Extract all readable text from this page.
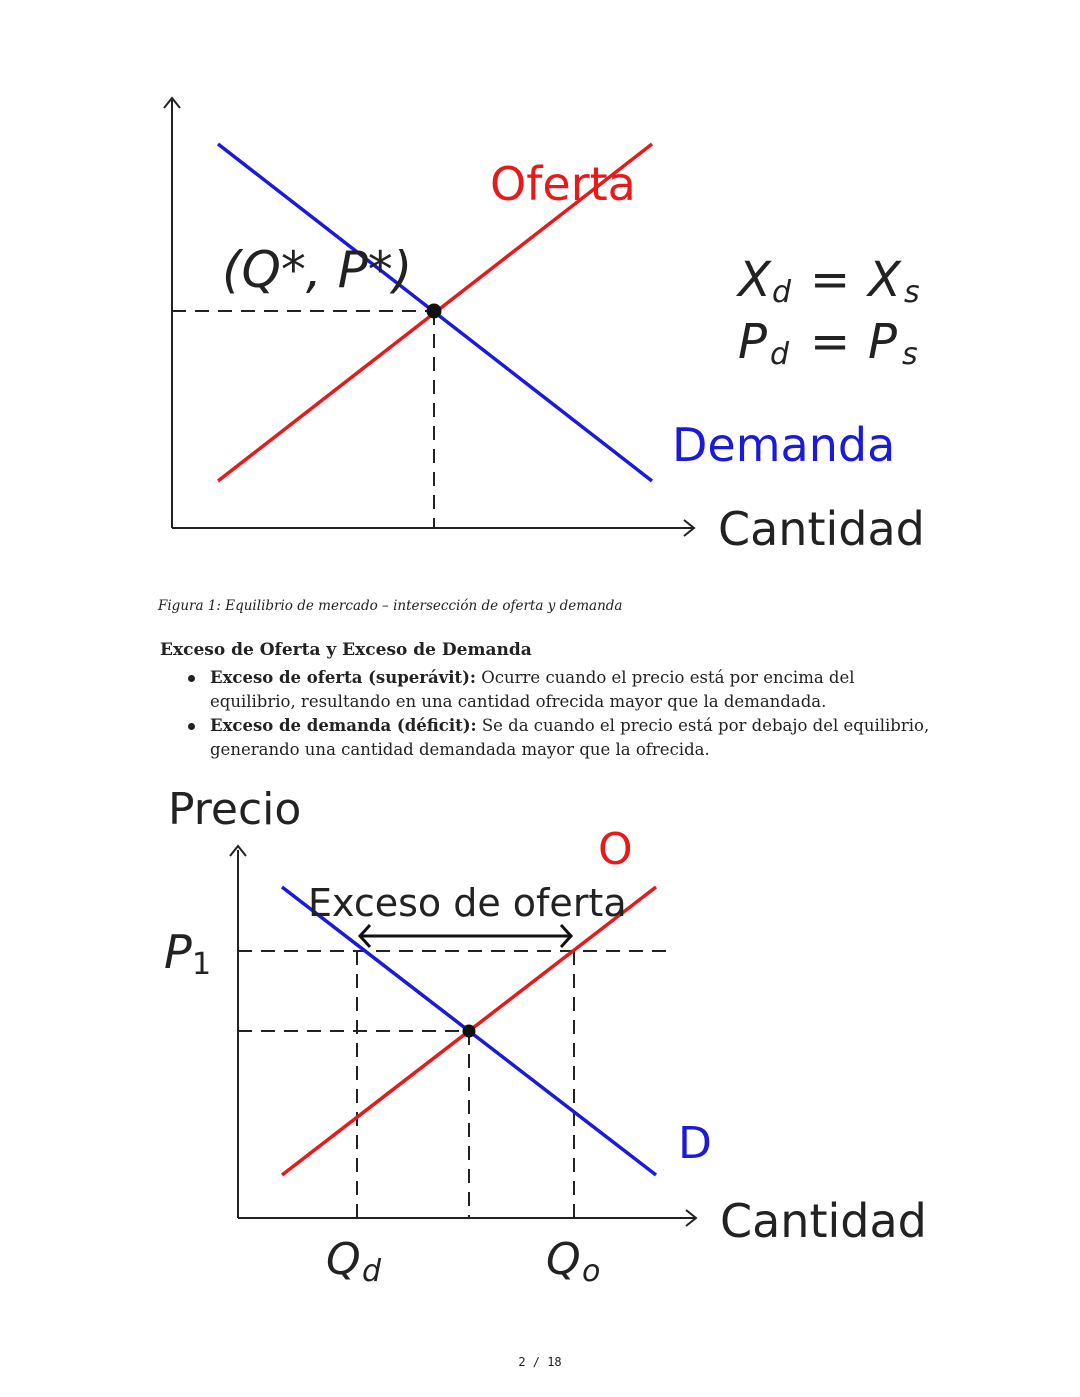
Oferta
(Q*, P*)
Demanda
Cantidad
X d = X s
P d = P s
Figura 1: Equilibrio de mercado – intersección de oferta y demanda
Exceso de Oferta y Exceso de Demanda
Exceso de oferta (superávit): Ocurre cuando el precio está por encima del equilibrio, resultando en una cantidad ofrecida mayor que la demandada.
Exceso de demanda (déficit): Se da cuando el precio está por debajo del equilibrio, generando una cantidad demandada mayor que la ofrecida.
Precio
O
Exceso de oferta
D
Cantidad
P 1
Q d	Q o
2 / 18
